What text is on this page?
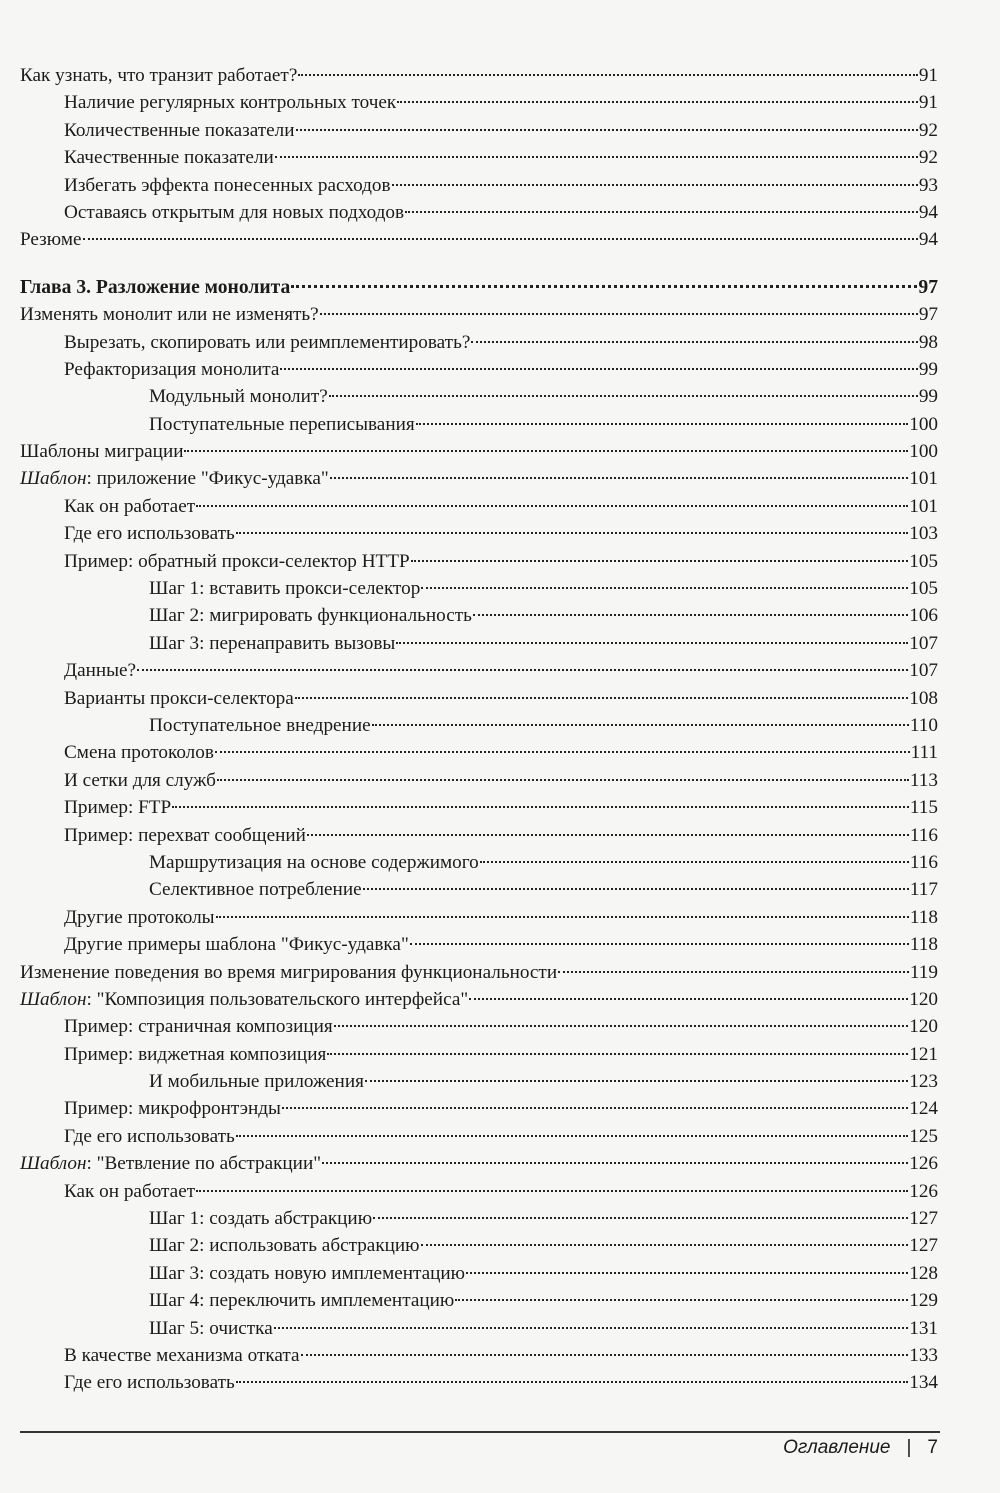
Как узнать, что транзит работает?	91
Наличие регулярных контрольных точек	91
Количественные показатели	92
Качественные показатели	92
Избегать эффекта понесенных расходов	93
Оставаясь открытым для новых подходов	94
Резюме	94
Глава 3. Разложение монолита	97
Изменять монолит или не изменять?	97
Вырезать, скопировать или реимплементировать?	98
Рефакторизация монолита	99
Модульный монолит?	99
Поступательные переписывания	100
Шаблоны миграции	100
Шаблон: приложение "Фикус-удавка"	101
Как он работает	101
Где его использовать	103
Пример: обратный прокси-селектор HTTP	105
Шаг 1: вставить прокси-селектор	105
Шаг 2: мигрировать функциональность	106
Шаг 3: перенаправить вызовы	107
Данные?	107
Варианты прокси-селектора	108
Поступательное внедрение	110
Смена протоколов	111
И сетки для служб	113
Пример: FTP	115
Пример: перехват сообщений	116
Маршрутизация на основе содержимого	116
Селективное потребление	117
Другие протоколы	118
Другие примеры шаблона "Фикус-удавка"	118
Изменение поведения во время мигрирования функциональности	119
Шаблон: "Композиция пользовательского интерфейса"	120
Пример: страничная композиция	120
Пример: виджетная композиция	121
И мобильные приложения	123
Пример: микрофронтэнды	124
Где его использовать	125
Шаблон: "Ветвление по абстракции"	126
Как он работает	126
Шаг 1: создать абстракцию	127
Шаг 2: использовать абстракцию	127
Шаг 3: создать новую имплементацию	128
Шаг 4: переключить имплементацию	129
Шаг 5: очистка	131
В качестве механизма отката	133
Где его использовать	134
Оглавление | 7
